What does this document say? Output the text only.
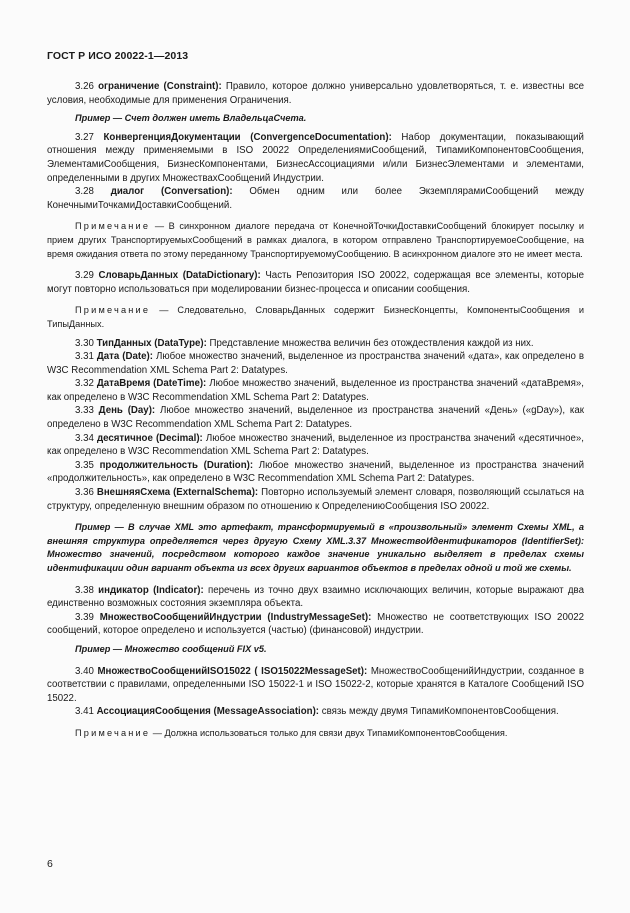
ГОСТ Р ИСО 20022-1—2013

3.26 ограничение (Constraint): Правило, которое должно универсально удовлетворяться, т. е. известны все условия, необходимые для применения Ограничения.

Пример — Счет должен иметь ВладельцаСчета.

3.27 КонвергенцияДокументации (ConvergenceDocumentation): Набор документации, показывающий отношения между применяемыми в ISO 20022 ОпределениямиСообщений, ТипамиКомпонентовСообщения, ЭлементамиСообщения, БизнесКомпонентами, БизнесАссоциациями и/или БизнесЭлементами и элементами, определенными в других МножествахСообщений Индустрии.

3.28 диалог (Conversation): Обмен одним или более ЭкземплярамиСообщений между КонечнымиТочкамиДоставкиСообщений.

Примечание — В синхронном диалоге передача от КонечнойТочкиДоставкиСообщений блокирует посылку и прием других ТранспортируемыхСообщений в рамках диалога, в котором отправлено ТранспортируемоеСообщение, на время ожидания ответа по этому переданному ТранспортируемомуСообщению. В асинхронном диалоге это не имеет места.

3.29 СловарьДанных (DataDictionary): Часть Репозитория ISO 20022, содержащая все элементы, которые могут повторно использоваться при моделировании бизнес-процесса и описании сообщения.

Примечание — Следовательно, СловарьДанных содержит БизнесКонцепты, КомпонентыСообщения и ТипыДанных.

3.30 ТипДанных (DataType): Представление множества величин без отождествления каждой из них.

3.31 Дата (Date): Любое множество значений, выделенное из пространства значений «дата», как определено в W3C Recommendation XML Schema Part 2: Datatypes.

3.32 ДатаВремя (DateTime): Любое множество значений, выделенное из пространства значений «датаВремя», как определено в W3C Recommendation XML Schema Part 2: Datatypes.

3.33 День (Day): Любое множество значений, выделенное из пространства значений «День» («gDay»), как определено в W3C Recommendation XML Schema Part 2: Datatypes.

3.34 десятичное (Decimal): Любое множество значений, выделенное из пространства значений «десятичное», как определено в W3C Recommendation XML Schema Part 2: Datatypes.

3.35 продолжительность (Duration): Любое множество значений, выделенное из пространства значений «продолжительность», как определено в W3C Recommendation XML Schema Part 2: Datatypes.

3.36 ВнешняяСхема (ExternalSchema): Повторно используемый элемент словаря, позволяющий ссылаться на структуру, определенную внешним образом по отношению к ОпределениюСообщения ISO 20022.

Пример — В случае XML это артефакт, трансформируемый в «произвольный» элемент Схемы XML, а внешняя структура определяется через другую Схему XML.3.37 МножествоИдентификаторов (IdentifierSet): Множество значений, посредством которого каждое значение уникально выделяет в пределах схемы идентификации один вариант объекта из всех других вариантов объектов в пределах одной и той же схемы.

3.38 индикатор (Indicator): перечень из точно двух взаимно исключающих величин, которые выражают два единственно возможных состояния экземпляра объекта.

3.39 МножествоСообщенийИндустрии (IndustryMessageSet): Множество не соответствующих ISO 20022 сообщений, которое определено и используется (частью) (финансовой) индустрии.

Пример — Множество сообщений FIX v5.

3.40 МножествоСообщенийISO15022 ( ISO15022MessageSet): МножествоСообщенийИндустрии, созданное в соответствии с правилами, определенными ISO 15022-1 и ISO 15022-2, которые хранятся в Каталоге Сообщений ISO 15022.

3.41 АссоциацияСообщения (MessageAssociation): связь между двумя ТипамиКомпонентовСообщения.

Примечание — Должна использоваться только для связи двух ТипамиКомпонентовСообщения.

6
